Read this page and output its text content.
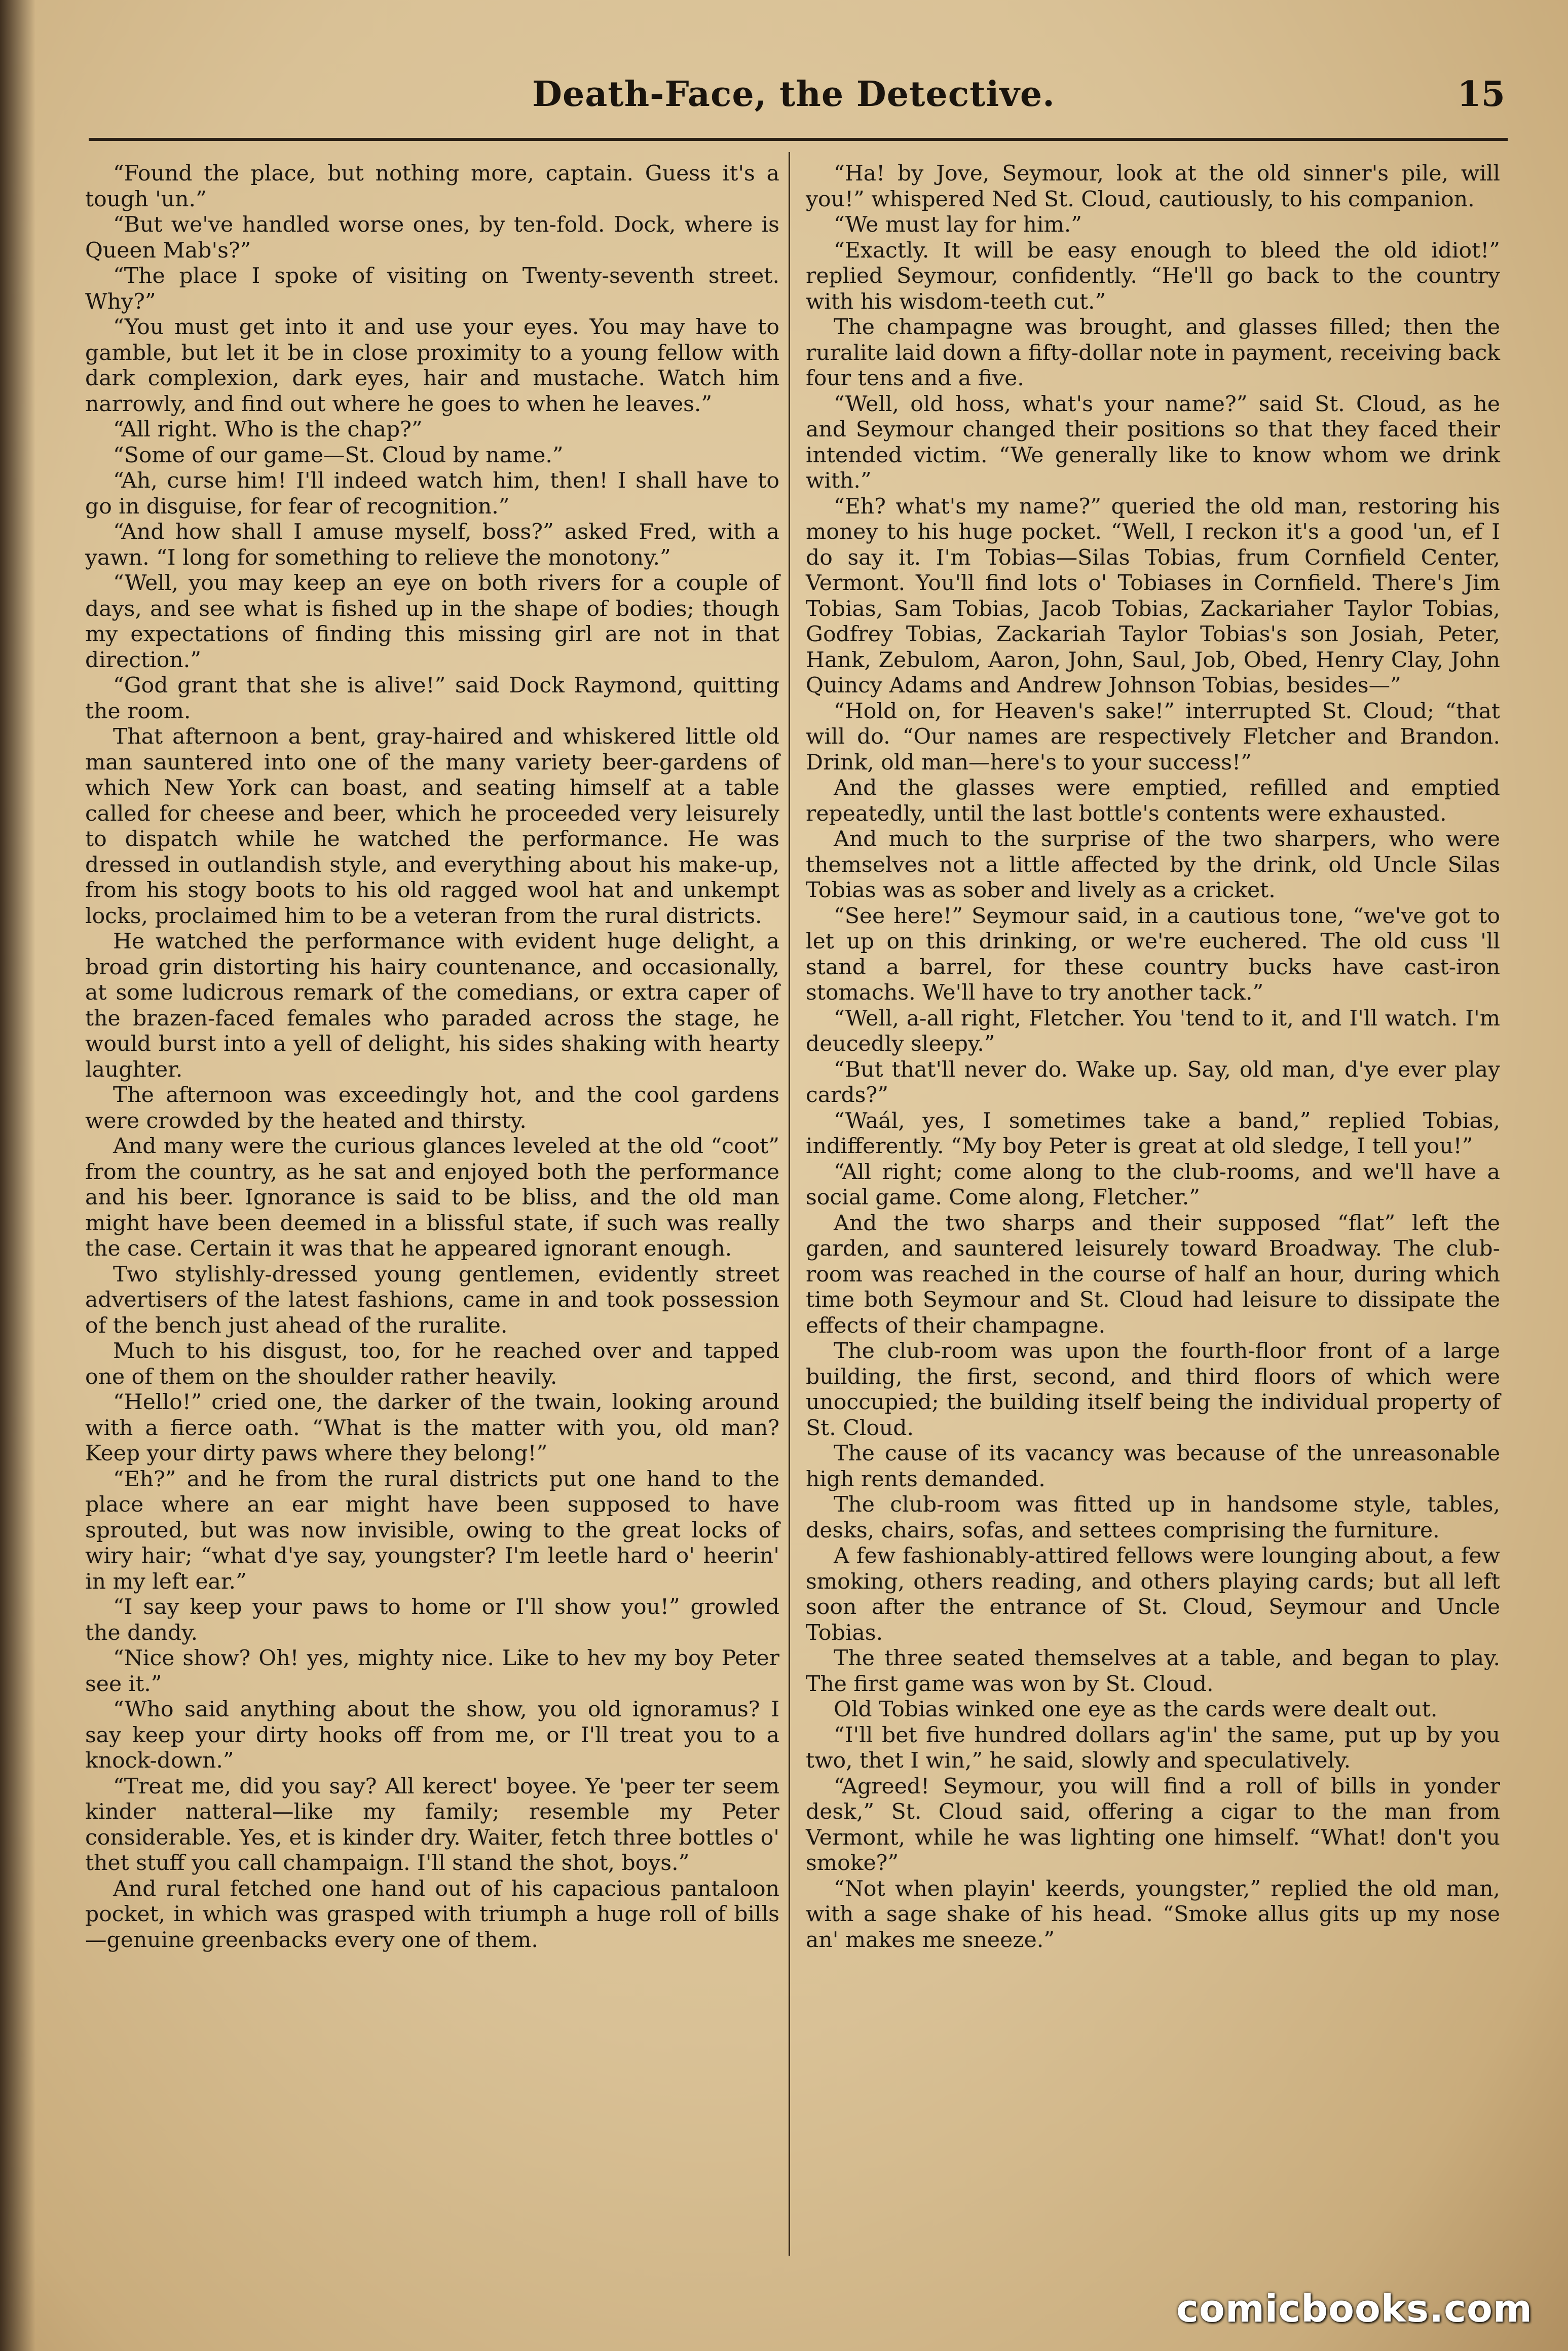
Death-Face, the Detective.	15

“Found the place, but nothing more, captain. Guess it's a tough 'un.”

“But we've handled worse ones, by ten-fold. Dock, where is Queen Mab's?”

“The place I spoke of visiting on Twenty-seventh street. Why?”

“You must get into it and use your eyes. You may have to gamble, but let it be in close proximity to a young fellow with dark complexion, dark eyes, hair and mustache. Watch him narrowly, and find out where he goes to when he leaves.”

“All right. Who is the chap?”

“Some of our game—St. Cloud by name.”

“Ah, curse him! I'll indeed watch him, then! I shall have to go in disguise, for fear of recognition.”

“And how shall I amuse myself, boss?” asked Fred, with a yawn. “I long for something to relieve the monotony.”

“Well, you may keep an eye on both rivers for a couple of days, and see what is fished up in the shape of bodies; though my expectations of finding this missing girl are not in that direction.”

“God grant that she is alive!” said Dock Raymond, quitting the room.

That afternoon a bent, gray-haired and whiskered little old man sauntered into one of the many variety beer-gardens of which New York can boast, and seating himself at a table called for cheese and beer, which he proceeded very leisurely to dispatch while he watched the performance. He was dressed in outlandish style, and everything about his make-up, from his stogy boots to his old ragged wool hat and unkempt locks, proclaimed him to be a veteran from the rural districts.

He watched the performance with evident huge delight, a broad grin distorting his hairy countenance, and occasionally, at some ludicrous remark of the comedians, or extra caper of the brazen-faced females who paraded across the stage, he would burst into a yell of delight, his sides shaking with hearty laughter.

The afternoon was exceedingly hot, and the cool gardens were crowded by the heated and thirsty.

And many were the curious glances leveled at the old “coot” from the country, as he sat and enjoyed both the performance and his beer. Ignorance is said to be bliss, and the old man might have been deemed in a blissful state, if such was really the case. Certain it was that he appeared ignorant enough.

Two stylishly-dressed young gentlemen, evidently street advertisers of the latest fashions, came in and took possession of the bench just ahead of the ruralite.

Much to his disgust, too, for he reached over and tapped one of them on the shoulder rather heavily.

“Hello!” cried one, the darker of the twain, looking around with a fierce oath. “What is the matter with you, old man? Keep your dirty paws where they belong!”

“Eh?” and he from the rural districts put one hand to the place where an ear might have been supposed to have sprouted, but was now invisible, owing to the great locks of wiry hair; “what d'ye say, youngster? I'm leetle hard o' heerin' in my left ear.”

“I say keep your paws to home or I'll show you!” growled the dandy.

“Nice show? Oh! yes, mighty nice. Like to hev my boy Peter see it.”

“Who said anything about the show, you old ignoramus? I say keep your dirty hooks off from me, or I'll treat you to a knock-down.”

“Treat me, did you say? All kerect' boyee. Ye 'peer ter seem kinder natteral—like my family; resemble my Peter considerable. Yes, et is kinder dry. Waiter, fetch three bottles o' thet stuff you call champaign. I'll stand the shot, boys.”

And rural fetched one hand out of his capacious pantaloon pocket, in which was grasped with triumph a huge roll of bills—genuine greenbacks every one of them.

“Ha! by Jove, Seymour, look at the old sinner's pile, will you!” whispered Ned St. Cloud, cautiously, to his companion.

“We must lay for him.”

“Exactly. It will be easy enough to bleed the old idiot!” replied Seymour, confidently. “He'll go back to the country with his wisdom-teeth cut.”

The champagne was brought, and glasses filled; then the ruralite laid down a fifty-dollar note in payment, receiving back four tens and a five.

“Well, old hoss, what's your name?” said St. Cloud, as he and Seymour changed their positions so that they faced their intended victim. “We generally like to know whom we drink with.”

“Eh? what's my name?” queried the old man, restoring his money to his huge pocket. “Well, I reckon it's a good 'un, ef I do say it. I'm Tobias—Silas Tobias, frum Cornfield Center, Vermont. You'll find lots o' Tobiases in Cornfield. There's Jim Tobias, Sam Tobias, Jacob Tobias, Zackariaher Taylor Tobias, Godfrey Tobias, Zackariah Taylor Tobias's son Josiah, Peter, Hank, Zebulom, Aaron, John, Saul, Job, Obed, Henry Clay, John Quincy Adams and Andrew Johnson Tobias, besides—”

“Hold on, for Heaven's sake!” interrupted St. Cloud; “that will do. “Our names are respectively Fletcher and Brandon. Drink, old man—here's to your success!”

And the glasses were emptied, refilled and emptied repeatedly, until the last bottle's contents were exhausted.

And much to the surprise of the two sharpers, who were themselves not a little affected by the drink, old Uncle Silas Tobias was as sober and lively as a cricket.

“See here!” Seymour said, in a cautious tone, “we've got to let up on this drinking, or we're euchered. The old cuss 'll stand a barrel, for these country bucks have cast-iron stomachs. We'll have to try another tack.”

“Well, a-all right, Fletcher. You 'tend to it, and I'll watch. I'm deucedly sleepy.”

“But that'll never do. Wake up. Say, old man, d'ye ever play cards?”

“Waál, yes, I sometimes take a band,” replied Tobias, indifferently. “My boy Peter is great at old sledge, I tell you!”

“All right; come along to the club-rooms, and we'll have a social game. Come along, Fletcher.”

And the two sharps and their supposed “flat” left the garden, and sauntered leisurely toward Broadway. The club-room was reached in the course of half an hour, during which time both Seymour and St. Cloud had leisure to dissipate the effects of their champagne.

The club-room was upon the fourth-floor front of a large building, the first, second, and third floors of which were unoccupied; the building itself being the individual property of St. Cloud.

The cause of its vacancy was because of the unreasonable high rents demanded.

The club-room was fitted up in handsome style, tables, desks, chairs, sofas, and settees comprising the furniture.

A few fashionably-attired fellows were lounging about, a few smoking, others reading, and others playing cards; but all left soon after the entrance of St. Cloud, Seymour and Uncle Tobias.

The three seated themselves at a table, and began to play. The first game was won by St. Cloud.

Old Tobias winked one eye as the cards were dealt out.

“I'll bet five hundred dollars ag'in' the same, put up by you two, thet I win,” he said, slowly and speculatively.

“Agreed! Seymour, you will find a roll of bills in yonder desk,” St. Cloud said, offering a cigar to the man from Vermont, while he was lighting one himself. “What! don't you smoke?”

“Not when playin' keerds, youngster,” replied the old man, with a sage shake of his head. “Smoke allus gits up my nose an' makes me sneeze.”

comicbooks.com
